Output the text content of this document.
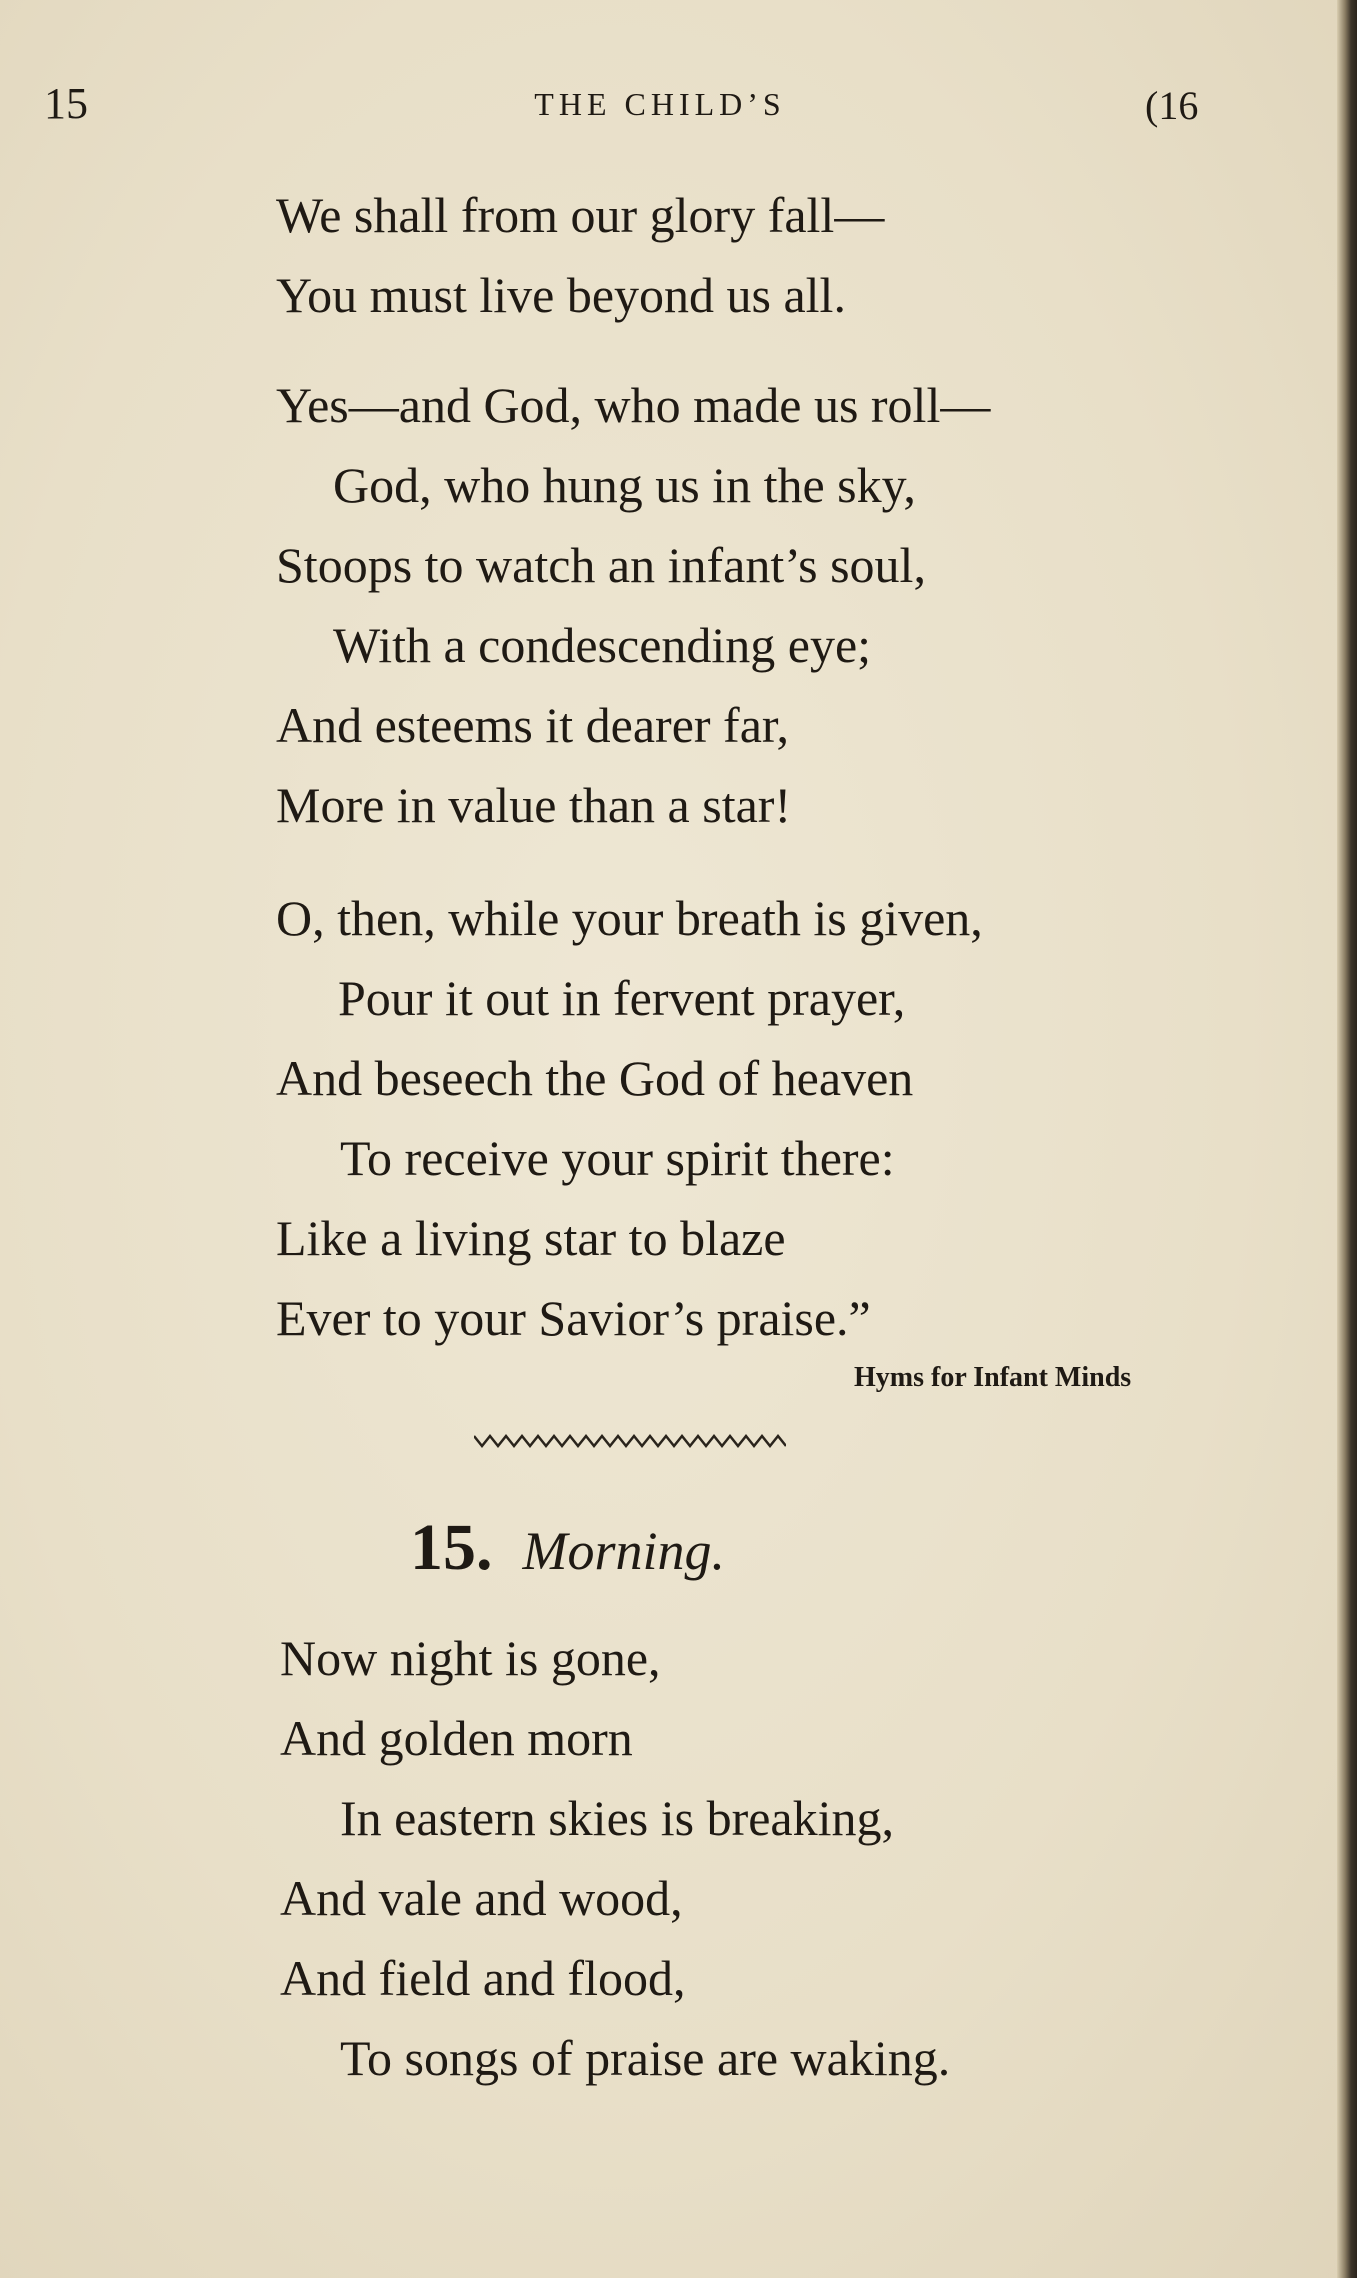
15	THE CHILD’S	(16
We shall from our glory fall—
You must live beyond us all.
Yes—and God, who made us roll—
God, who hung us in the sky,
Stoops to watch an infant’s soul,
With a condescending eye;
And esteems it dearer far,
More in value than a star!
O, then, while your breath is given,
Pour it out in fervent prayer,
And beseech the God of heaven
To receive your spirit there:
Like a living star to blaze
Ever to your Savior’s praise.”
Hyms for Infant Minds
15. Morning.
Now night is gone,
And golden morn
In eastern skies is breaking,
And vale and wood,
And field and flood,
To songs of praise are waking.
